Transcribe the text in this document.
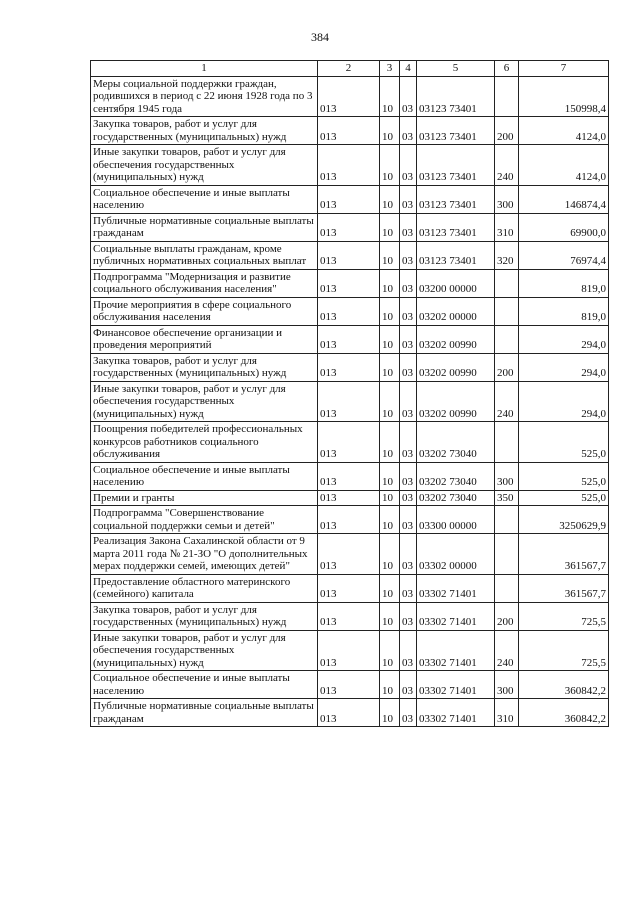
384
1	2	3	4	5	6	7
Меры социальной поддержки граждан, родившихся в период с 22 июня 1928 года по 3 сентября 1945 года	013	10	03	03123 73401		150998,4
Закупка товаров, работ и услуг для государственных (муниципальных) нужд	013	10	03	03123 73401	200	4124,0
Иные закупки товаров, работ и услуг для обеспечения государственных (муниципальных) нужд	013	10	03	03123 73401	240	4124,0
Социальное обеспечение и иные выплаты населению	013	10	03	03123 73401	300	146874,4
Публичные нормативные социальные выплаты гражданам	013	10	03	03123 73401	310	69900,0
Социальные выплаты гражданам, кроме публичных нормативных социальных выплат	013	10	03	03123 73401	320	76974,4
Подпрограмма "Модернизация и развитие социального обслуживания населения"	013	10	03	03200 00000		819,0
Прочие мероприятия в сфере социального обслуживания населения	013	10	03	03202 00000		819,0
Финансовое обеспечение организации и проведения мероприятий	013	10	03	03202 00990		294,0
Закупка товаров, работ и услуг для государственных (муниципальных) нужд	013	10	03	03202 00990	200	294,0
Иные закупки товаров, работ и услуг для обеспечения государственных (муниципальных) нужд	013	10	03	03202 00990	240	294,0
Поощрения победителей профессиональных конкурсов работников социального обслуживания	013	10	03	03202 73040		525,0
Социальное обеспечение и иные выплаты населению	013	10	03	03202 73040	300	525,0
Премии и гранты	013	10	03	03202 73040	350	525,0
Подпрограмма "Совершенствование социальной поддержки семьи и детей"	013	10	03	03300 00000		3250629,9
Реализация Закона Сахалинской области от 9 марта 2011 года № 21-ЗО "О дополнительных мерах поддержки семей, имеющих детей"	013	10	03	03302 00000		361567,7
Предоставление областного материнского (семейного) капитала	013	10	03	03302 71401		361567,7
Закупка товаров, работ и услуг для государственных (муниципальных) нужд	013	10	03	03302 71401	200	725,5
Иные закупки товаров, работ и услуг для обеспечения государственных (муниципальных) нужд	013	10	03	03302 71401	240	725,5
Социальное обеспечение и иные выплаты населению	013	10	03	03302 71401	300	360842,2
Публичные нормативные социальные выплаты гражданам	013	10	03	03302 71401	310	360842,2
